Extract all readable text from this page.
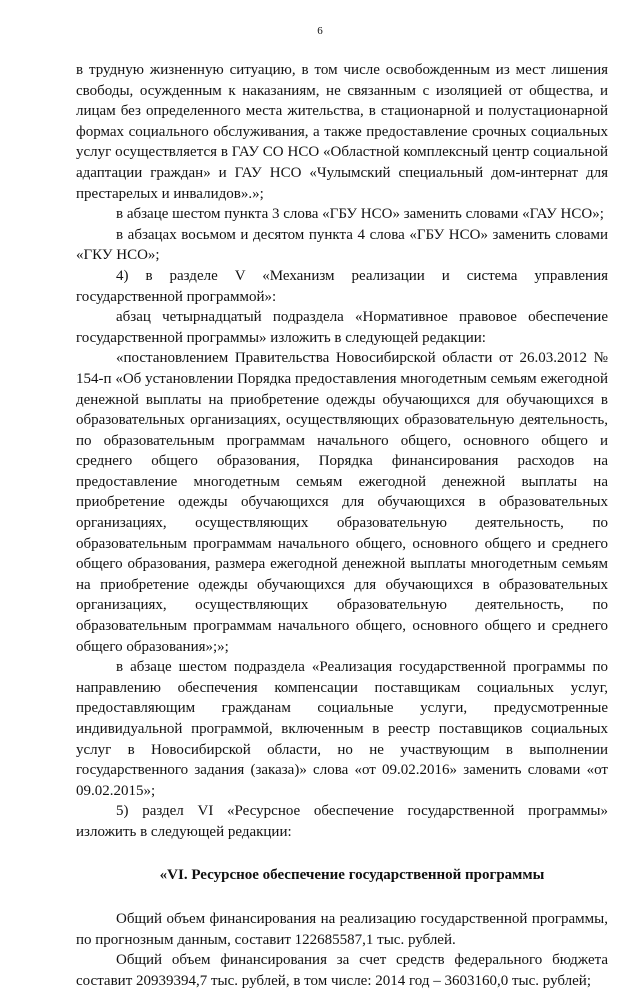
6

в трудную жизненную ситуацию, в том числе освобожденным из мест лишения свободы, осужденным к наказаниям, не связанным с изоляцией от общества, и лицам без определенного места жительства, в стационарной и полустационарной формах социального обслуживания, а также предоставление срочных социальных услуг осуществляется в ГАУ СО НСО «Областной комплексный центр социальной адаптации граждан» и ГАУ НСО «Чулымский специальный дом-интернат для престарелых и инвалидов».»;

в абзаце шестом пункта 3 слова «ГБУ НСО» заменить словами «ГАУ НСО»;

в абзацах восьмом и десятом пункта 4 слова «ГБУ НСО» заменить словами «ГКУ НСО»;

4) в разделе V «Механизм реализации и система управления государственной программой»:

абзац четырнадцатый подраздела «Нормативное правовое обеспечение государственной программы» изложить в следующей редакции:

«постановлением Правительства Новосибирской области от 26.03.2012 № 154-п «Об установлении Порядка предоставления многодетным семьям ежегодной денежной выплаты на приобретение одежды обучающихся для обучающихся в образовательных организациях, осуществляющих образовательную деятельность, по образовательным программам начального общего, основного общего и среднего общего образования, Порядка финансирования расходов на предоставление многодетным семьям ежегодной денежной выплаты на приобретение одежды обучающихся для обучающихся в образовательных организациях, осуществляющих образовательную деятельность, по образовательным программам начального общего, основного общего и среднего общего образования, размера ежегодной денежной выплаты многодетным семьям на приобретение одежды обучающихся для обучающихся в образовательных организациях, осуществляющих образовательную деятельность, по образовательным программам начального общего, основного общего и среднего общего образования»;»;

в абзаце шестом подраздела «Реализация государственной программы по направлению обеспечения компенсации поставщикам социальных услуг, предоставляющим гражданам социальные услуги, предусмотренные индивидуальной программой, включенным в реестр поставщиков социальных услуг в Новосибирской области, но не участвующим в выполнении государственного задания (заказа)» слова «от 09.02.2016» заменить словами «от 09.02.2015»;

5) раздел VI «Ресурсное обеспечение государственной программы» изложить в следующей редакции:

«VI. Ресурсное обеспечение государственной программы

Общий объем финансирования на реализацию государственной программы, по прогнозным данным, составит 122685587,1 тыс. рублей.

Общий объем финансирования за счет средств федерального бюджета составит 20939394,7 тыс. рублей, в том числе: 2014 год – 3603160,0 тыс. рублей;
